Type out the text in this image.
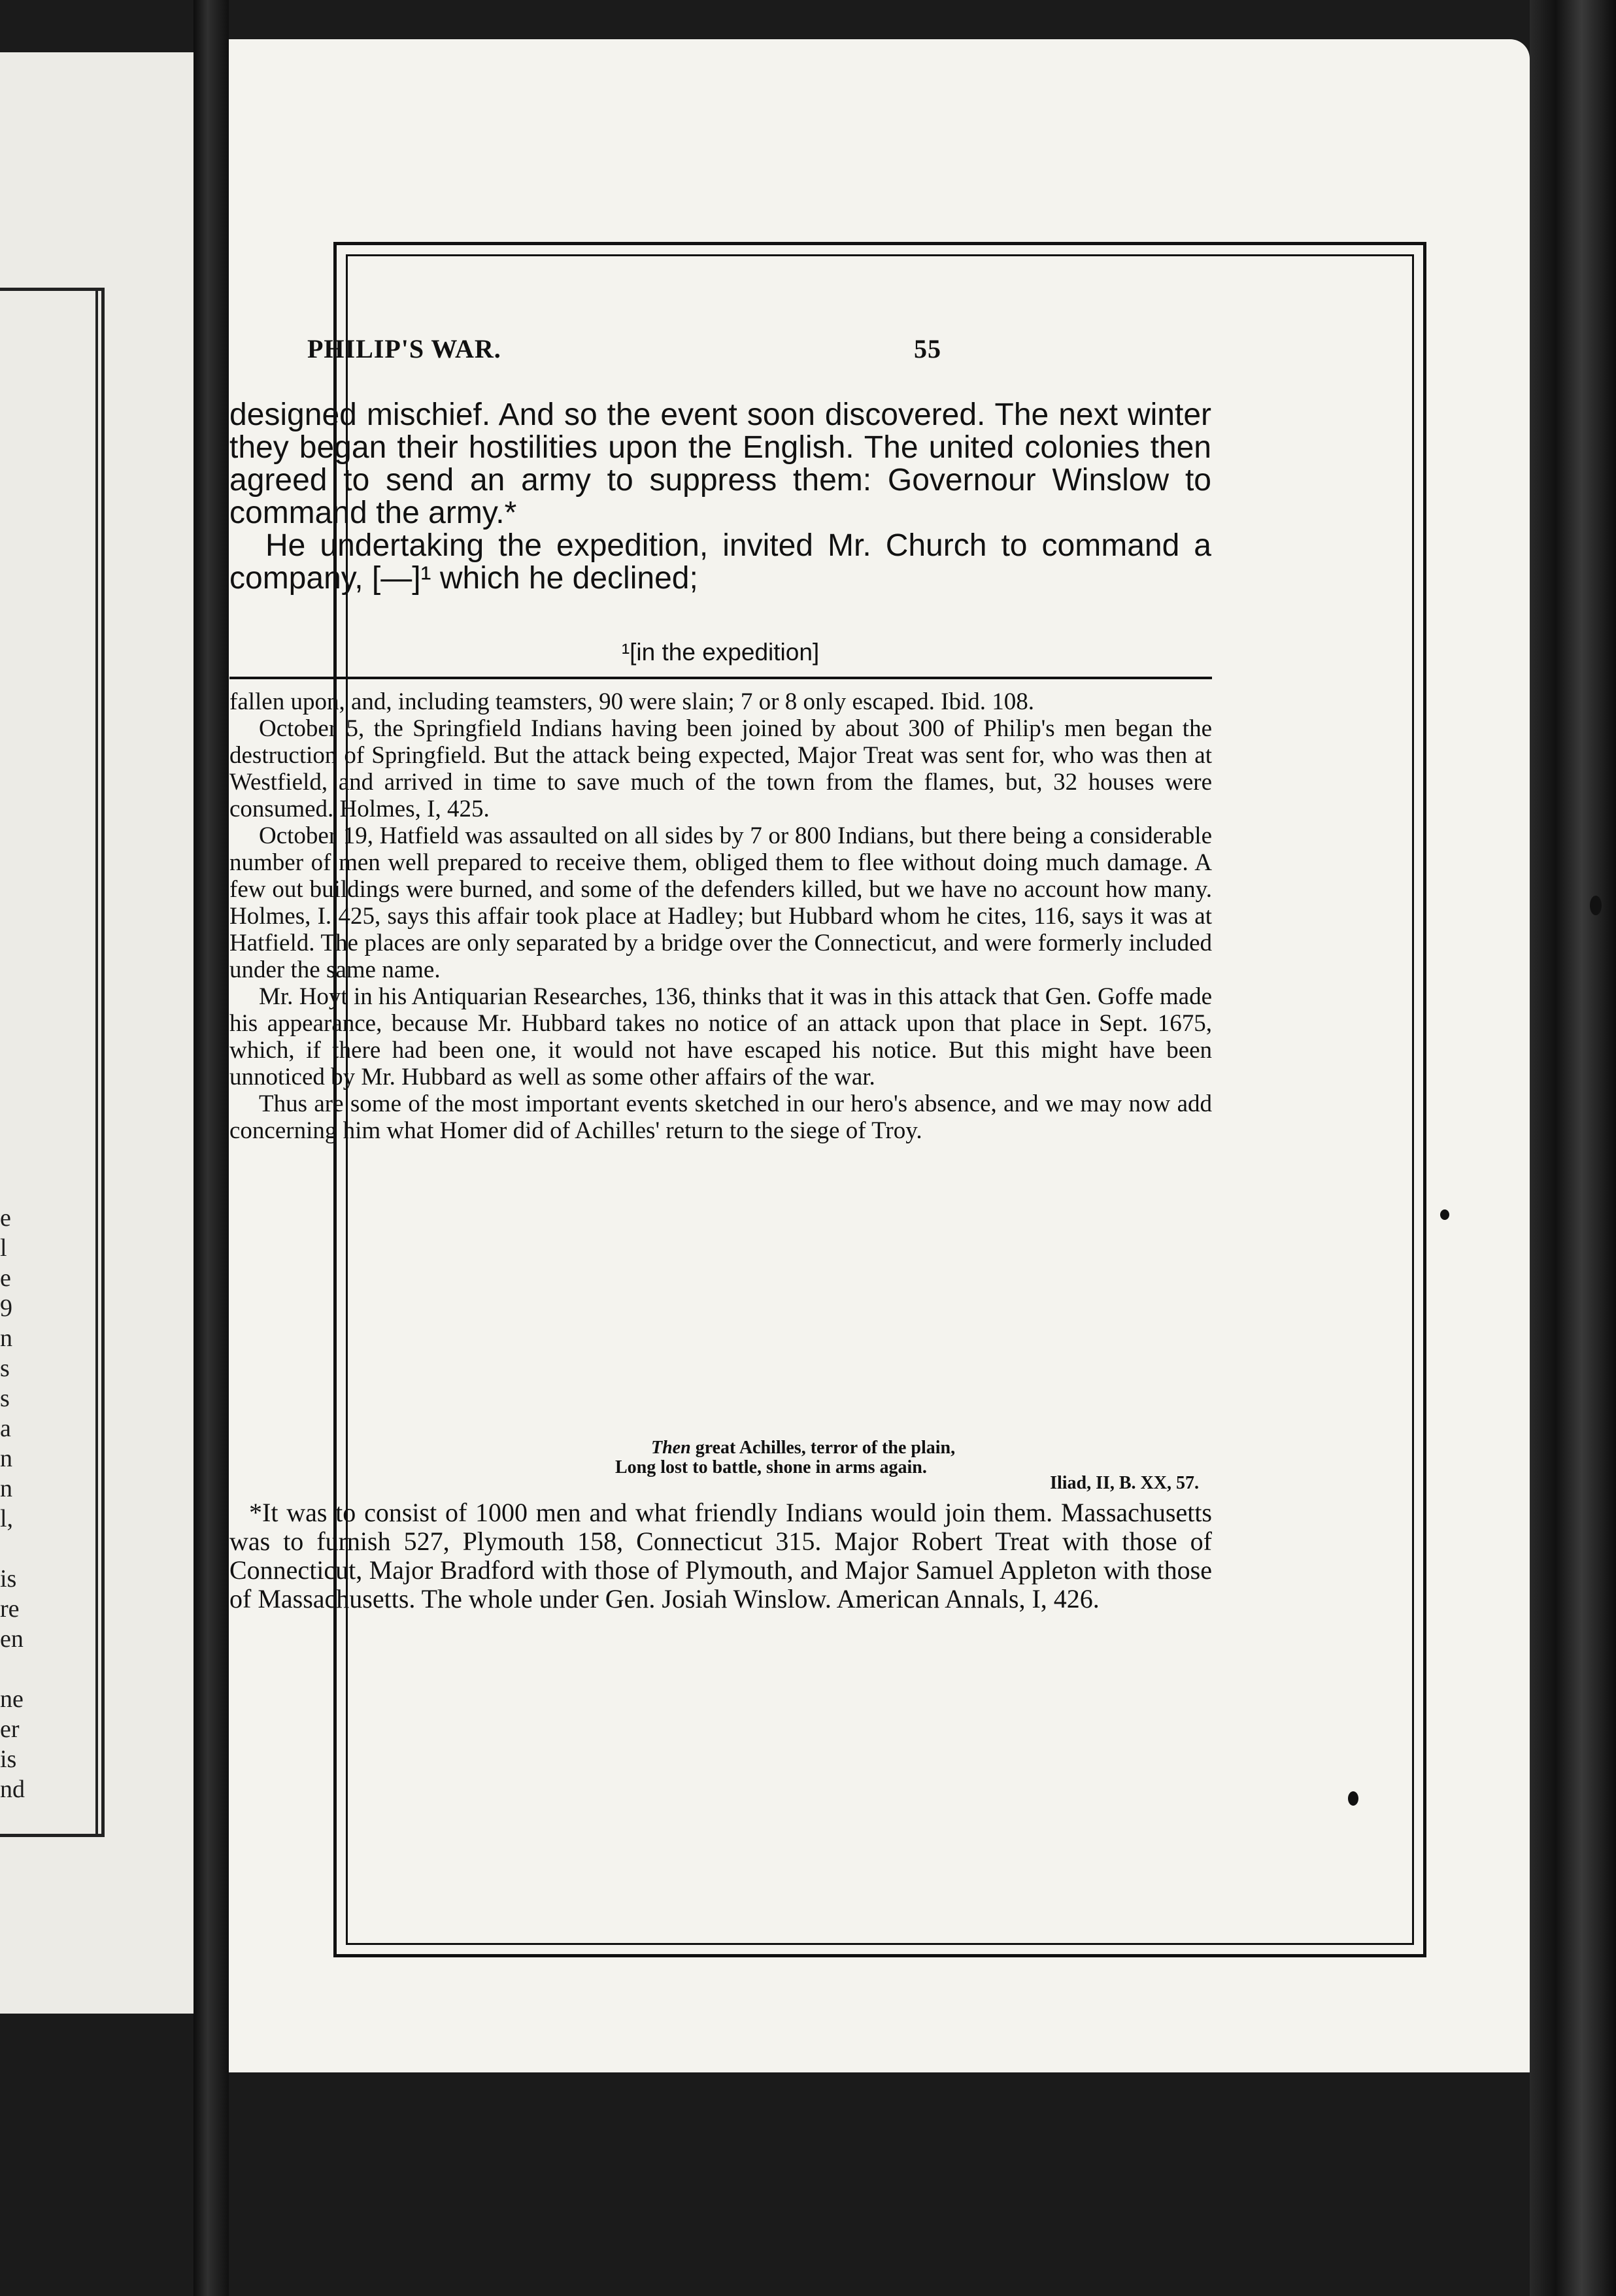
e
l
e
9
n
s
s
a
n
n
l,

is
re
en

ne
er
is
nd
PHILIP'S WAR.	55

designed mischief. And so the event soon discovered. The next winter they began their hostilities upon the English. The united colonies then agreed to send an army to suppress them: Governour Winslow to command the army.*

He undertaking the expedition, invited Mr. Church to command a company, [—]¹ which he declined;

¹[in the expedition]

fallen upon, and, including teamsters, 90 were slain; 7 or 8 only escaped. Ibid. 108.

October 5, the Springfield Indians having been joined by about 300 of Philip's men began the destruction of Springfield. But the attack being expected, Major Treat was sent for, who was then at Westfield, and arrived in time to save much of the town from the flames, but, 32 houses were consumed. Holmes, I, 425.

October 19, Hatfield was assaulted on all sides by 7 or 800 Indians, but there being a considerable number of men well prepared to receive them, obliged them to flee without doing much damage. A few out buildings were burned, and some of the defenders killed, but we have no account how many. Holmes, I. 425, says this affair took place at Hadley; but Hubbard whom he cites, 116, says it was at Hatfield. The places are only separated by a bridge over the Connecticut, and were formerly included under the same name.

Mr. Hoyt in his Antiquarian Researches, 136, thinks that it was in this attack that Gen. Goffe made his appearance, because Mr. Hubbard takes no notice of an attack upon that place in Sept. 1675, which, if there had been one, it would not have escaped his notice. But this might have been unnoticed by Mr. Hubbard as well as some other affairs of the war.

Thus are some of the most important events sketched in our hero's absence, and we may now add concerning him what Homer did of Achilles' return to the siege of Troy.

Then great Achilles, terror of the plain,
Long lost to battle, shone in arms again.
Iliad, II, B. XX, 57.

*It was to consist of 1000 men and what friendly Indians would join them. Massachusetts was to furnish 527, Plymouth 158, Connecticut 315. Major Robert Treat with those of Connecticut, Major Bradford with those of Plymouth, and Major Samuel Appleton with those of Massachusetts. The whole under Gen. Josiah Winslow. American Annals, I, 426.
